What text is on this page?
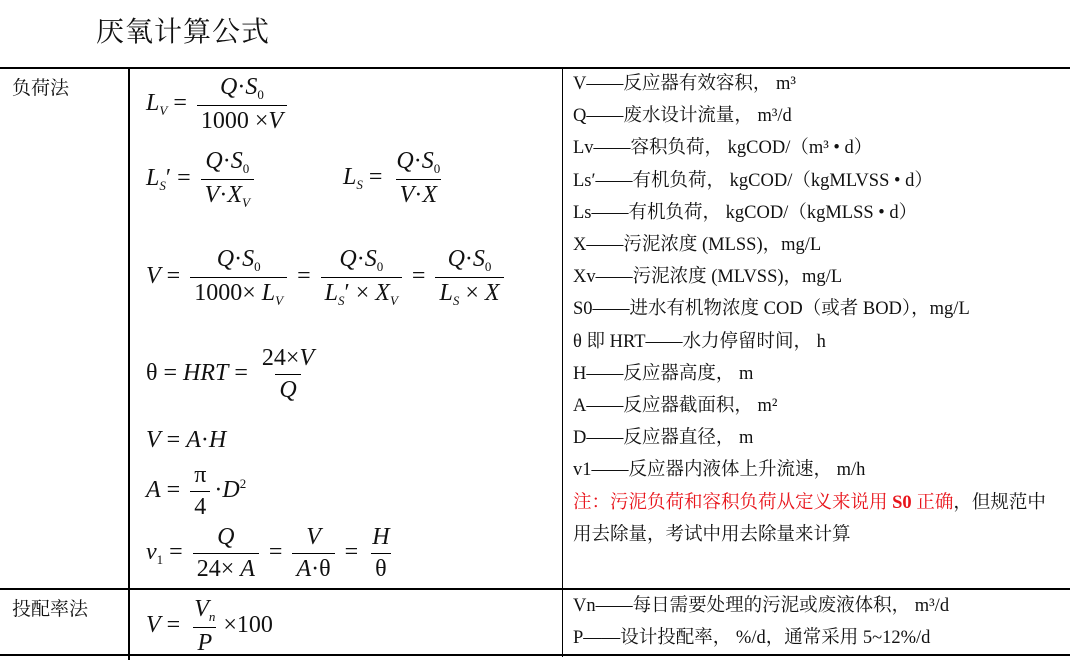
厌氧计算公式
负荷法
投配率法
$L_V = \frac{Q\cdot S_0}{1000 \times V}$
$L_S' = \frac{Q\cdot S_0}{V\cdot X_V}$	$L_S = \frac{Q\cdot S_0}{V\cdot X}$
$V = \frac{Q\cdot S_0}{1000\times L_V} = \frac{Q\cdot S_0}{L_S' \times X_V} = \frac{Q\cdot S_0}{L_S \times X}$
θ = HRT = $\frac{24\times V}{Q}$
V = A·H
$A = \frac{\pi}{4} \cdot D^2$
$v_1 = \frac{Q}{24\times A} = \frac{V}{A\cdot\theta} = \frac{H}{\theta}$
$V = \frac{V_n}{P} \times 100$
V——反应器有效容积， m³
Q——废水设计流量， m³/d
Lv——容积负荷， kgCOD/（m³ • d）
Ls′——有机负荷， kgCOD/（kgMLVSS • d）
Ls——有机负荷， kgCOD/（kgMLSS • d）
X——污泥浓度 (MLSS)，mg/L
Xv——污泥浓度 (MLVSS)，mg/L
S0——进水有机物浓度 COD（或者 BOD），mg/L
θ 即 HRT——水力停留时间， h
H——反应器高度， m
A——反应器截面积， m²
D——反应器直径， m
v1——反应器内液体上升流速， m/h
注：污泥负荷和容积负荷从定义来说用 S0 正确，但规范中用去除量，考试中用去除量来计算
Vn——每日需要处理的污泥或废液体积， m³/d
P——设计投配率， %/d，通常采用 5~12%/d
